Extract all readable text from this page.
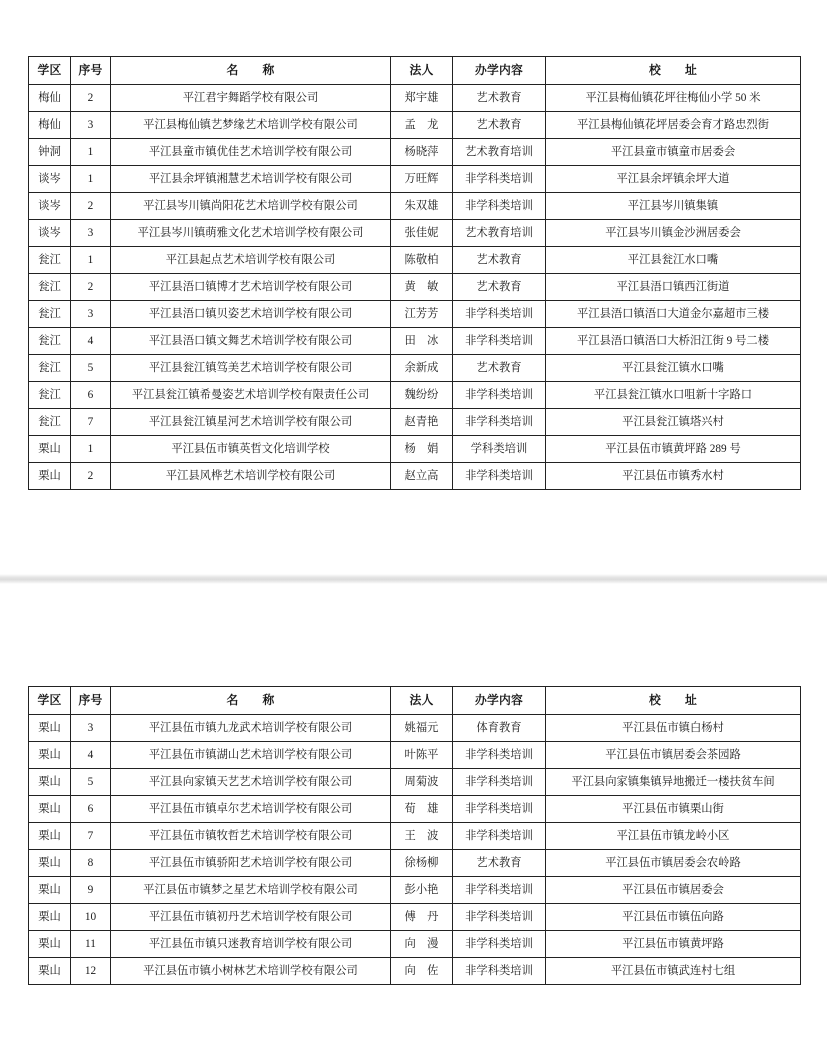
学区	序号	名　　称	法人	办学内容	校　　址
梅仙	2	平江君宇舞蹈学校有限公司	郑宇雄	艺术教育	平江县梅仙镇花坪往梅仙小学 50 米
梅仙	3	平江县梅仙镇艺梦缘艺术培训学校有限公司	孟　龙	艺术教育	平江县梅仙镇花坪居委会育才路忠烈街
钟洞	1	平江县童市镇优佳艺术培训学校有限公司	杨晓萍	艺术教育培训	平江县童市镇童市居委会
谈岑	1	平江县余坪镇湘慧艺术培训学校有限公司	万旺辉	非学科类培训	平江县余坪镇余坪大道
谈岑	2	平江县岑川镇尚阳花艺术培训学校有限公司	朱双雄	非学科类培训	平江县岑川镇集镇
谈岑	3	平江县岑川镇萌雅文化艺术培训学校有限公司	张佳妮	艺术教育培训	平江县岑川镇金沙洲居委会
瓮江	1	平江县起点艺术培训学校有限公司	陈敬柏	艺术教育	平江县瓮江水口嘴
瓮江	2	平江县浯口镇博才艺术培训学校有限公司	黄　敏	艺术教育	平江县浯口镇西江街道
瓮江	3	平江县浯口镇贝姿艺术培训学校有限公司	江芳芳	非学科类培训	平江县浯口镇浯口大道金尔嘉超市三楼
瓮江	4	平江县浯口镇文舞艺术培训学校有限公司	田　冰	非学科类培训	平江县浯口镇浯口大桥汨江街 9 号二楼
瓮江	5	平江县瓮江镇笃美艺术培训学校有限公司	余新成	艺术教育	平江县瓮江镇水口嘴
瓮江	6	平江县瓮江镇希曼姿艺术培训学校有限责任公司	魏纷纷	非学科类培训	平江县瓮江镇水口咀新十字路口
瓮江	7	平江县瓮江镇星河艺术培训学校有限公司	赵青艳	非学科类培训	平江县瓮江镇塔兴村
栗山	1	平江县伍市镇英哲文化培训学校	杨　娟	学科类培训	平江县伍市镇黄坪路 289 号
栗山	2	平江县风桦艺术培训学校有限公司	赵立高	非学科类培训	平江县伍市镇秀水村
学区	序号	名　　称	法人	办学内容	校　　址
栗山	3	平江县伍市镇九龙武术培训学校有限公司	姚福元	体育教育	平江县伍市镇白杨村
栗山	4	平江县伍市镇湖山艺术培训学校有限公司	叶陈平	非学科类培训	平江县伍市镇居委会茶园路
栗山	5	平江县向家镇天艺艺术培训学校有限公司	周菊波	非学科类培训	平江县向家镇集镇异地搬迁一楼扶贫车间
栗山	6	平江县伍市镇卓尔艺术培训学校有限公司	荀　雄	非学科类培训	平江县伍市镇栗山街
栗山	7	平江县伍市镇牧哲艺术培训学校有限公司	王　波	非学科类培训	平江县伍市镇龙岭小区
栗山	8	平江县伍市镇骄阳艺术培训学校有限公司	徐杨柳	艺术教育	平江县伍市镇居委会农岭路
栗山	9	平江县伍市镇梦之星艺术培训学校有限公司	彭小艳	非学科类培训	平江县伍市镇居委会
栗山	10	平江县伍市镇初丹艺术培训学校有限公司	傅　丹	非学科类培训	平江县伍市镇伍向路
栗山	11	平江县伍市镇只迷教育培训学校有限公司	向　漫	非学科类培训	平江县伍市镇黄坪路
栗山	12	平江县伍市镇小树林艺术培训学校有限公司	向　佐	非学科类培训	平江县伍市镇武连村七组
